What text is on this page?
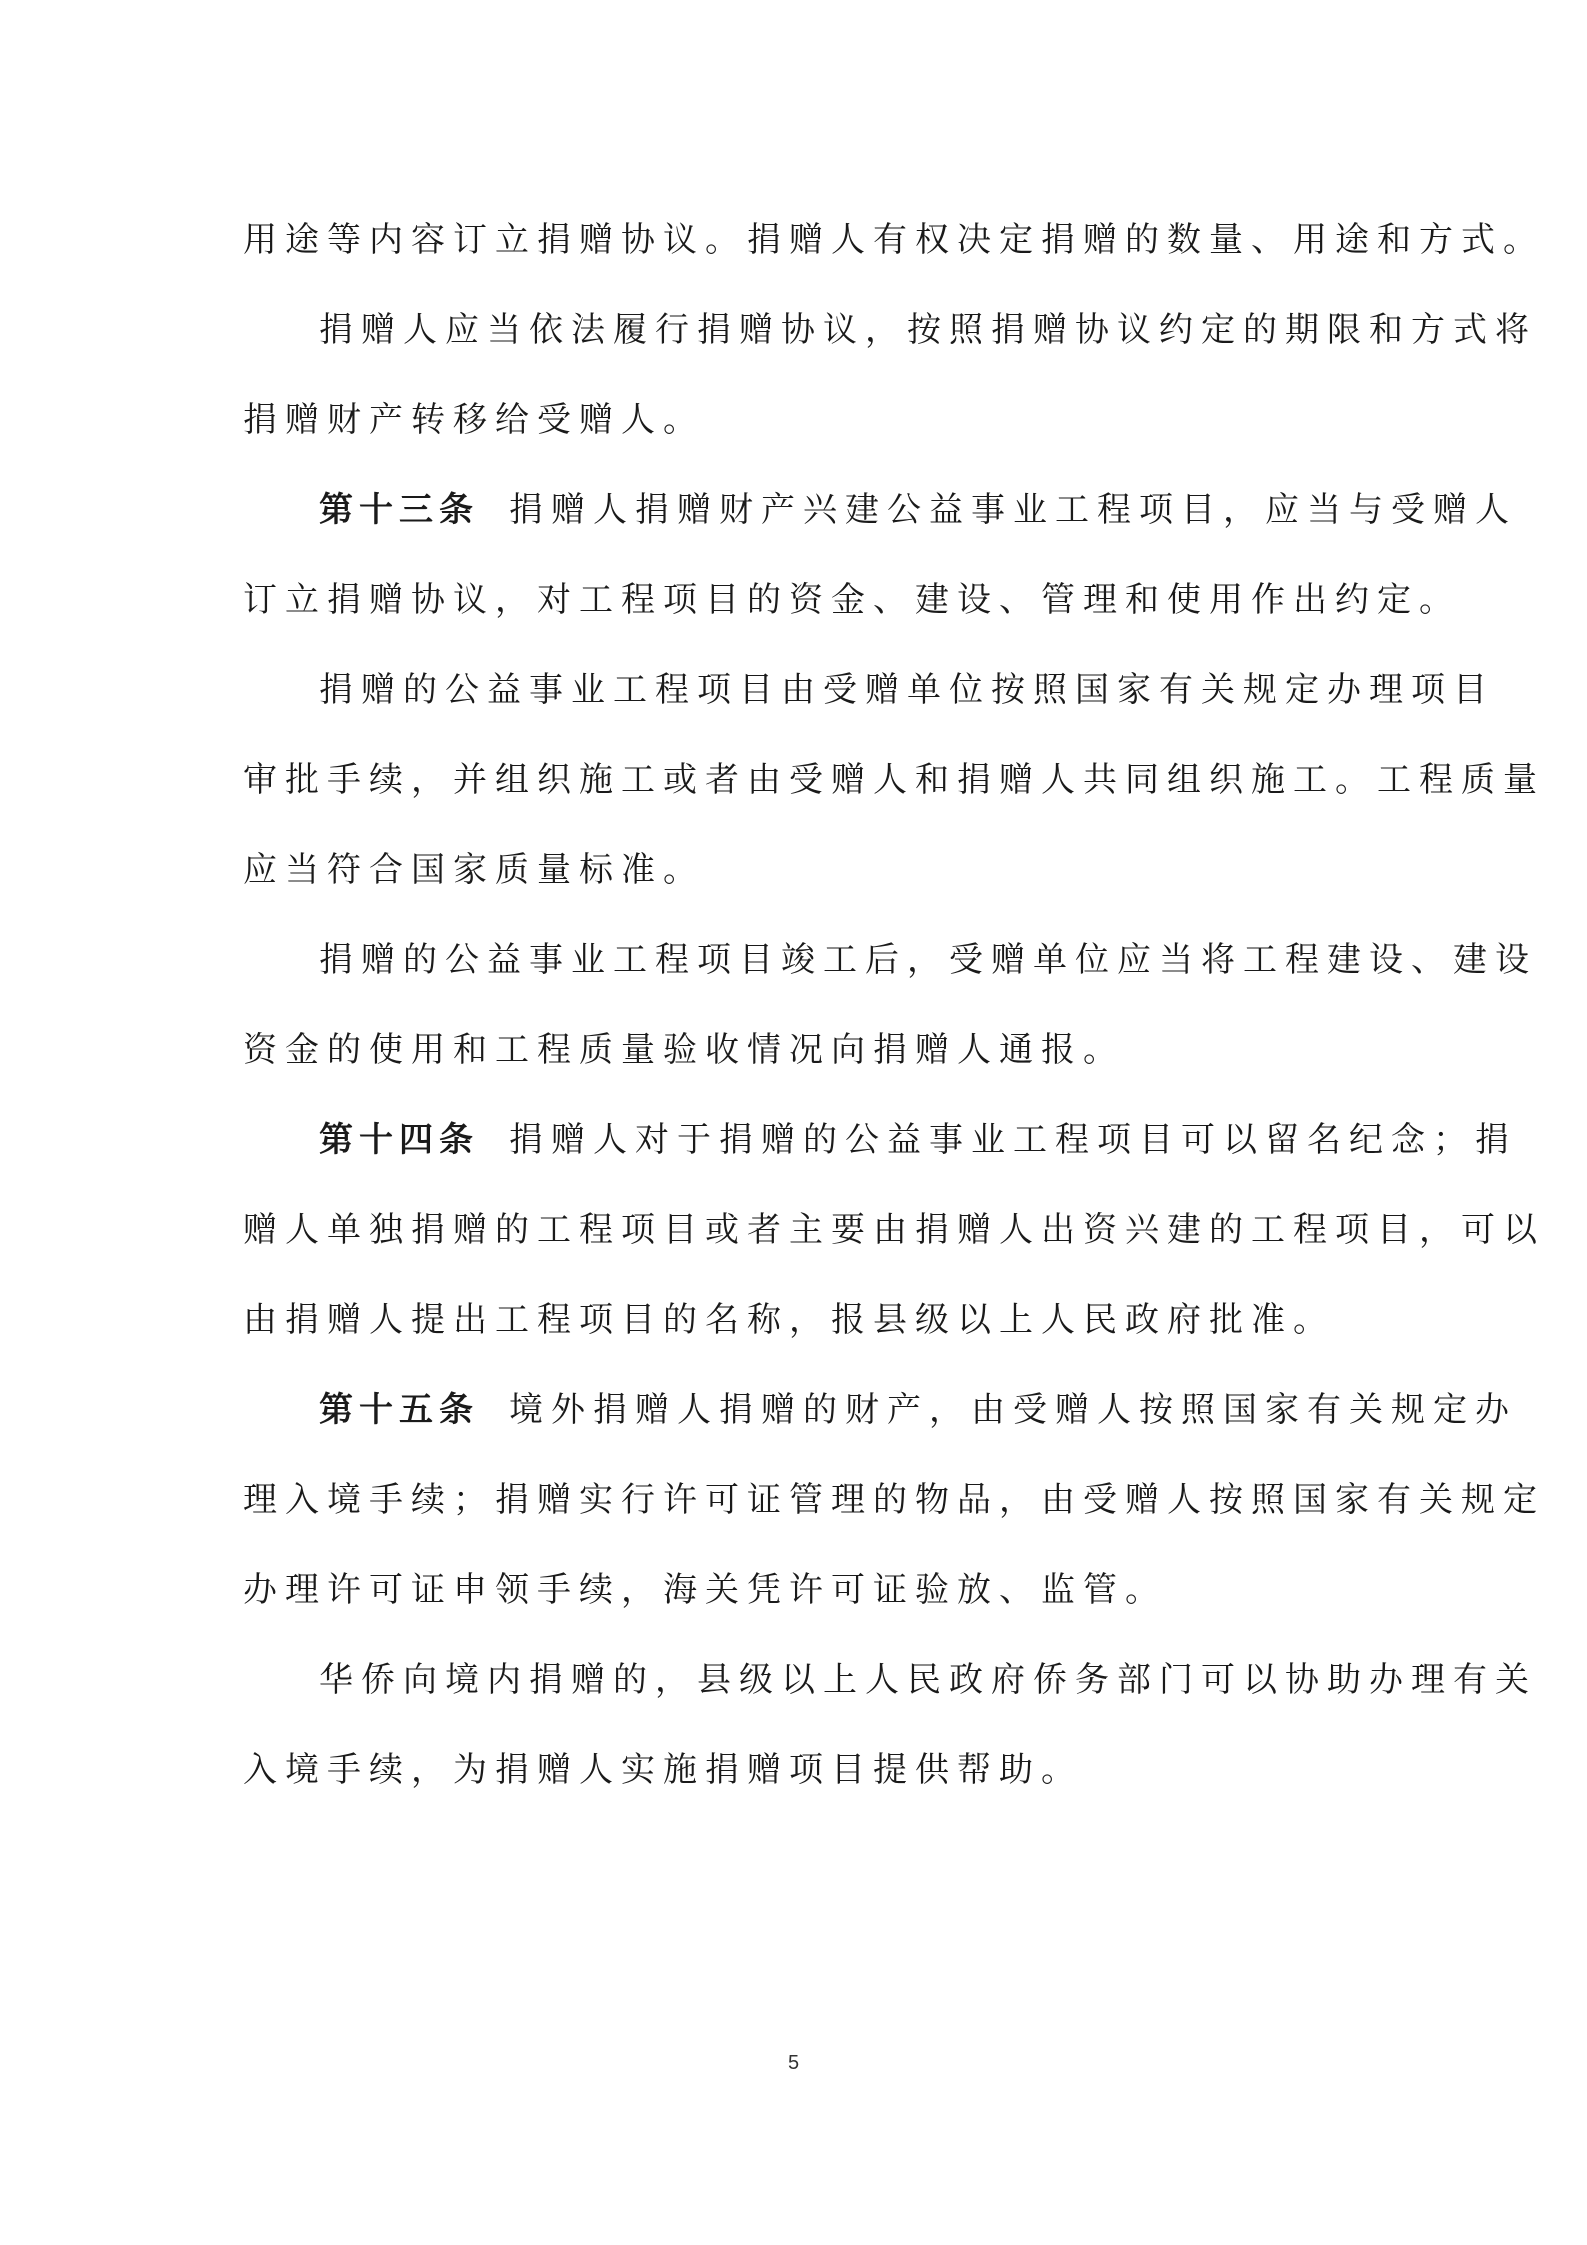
用途等内容订立捐赠协议。捐赠人有权决定捐赠的数量、用途和方式。
捐赠人应当依法履行捐赠协议，按照捐赠协议约定的期限和方式将
捐赠财产转移给受赠人。
第十三条 捐赠人捐赠财产兴建公益事业工程项目，应当与受赠人
订立捐赠协议，对工程项目的资金、建设、管理和使用作出约定。
捐赠的公益事业工程项目由受赠单位按照国家有关规定办理项目
审批手续，并组织施工或者由受赠人和捐赠人共同组织施工。工程质量
应当符合国家质量标准。
捐赠的公益事业工程项目竣工后，受赠单位应当将工程建设、建设
资金的使用和工程质量验收情况向捐赠人通报。
第十四条 捐赠人对于捐赠的公益事业工程项目可以留名纪念；捐
赠人单独捐赠的工程项目或者主要由捐赠人出资兴建的工程项目，可以
由捐赠人提出工程项目的名称，报县级以上人民政府批准。
第十五条 境外捐赠人捐赠的财产，由受赠人按照国家有关规定办
理入境手续；捐赠实行许可证管理的物品，由受赠人按照国家有关规定
办理许可证申领手续，海关凭许可证验放、监管。
华侨向境内捐赠的，县级以上人民政府侨务部门可以协助办理有关
入境手续，为捐赠人实施捐赠项目提供帮助。
5
